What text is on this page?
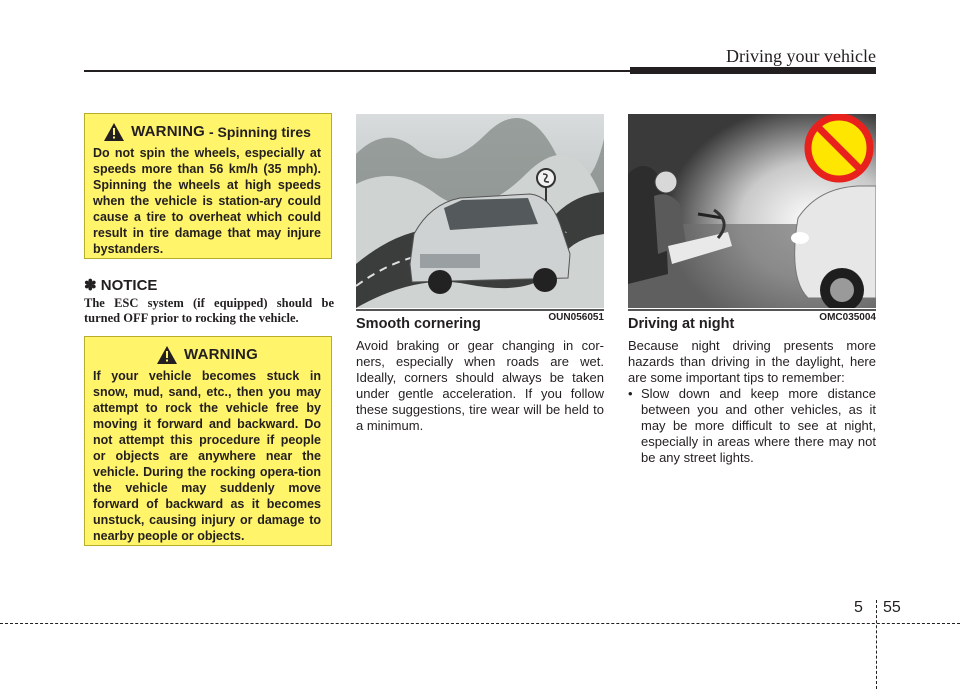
Driving your vehicle
WARNING - Spinning tires

Do not spin the wheels, especially at speeds more than 56 km/h (35 mph). Spinning the wheels at high speeds when the vehicle is station-ary could cause a tire to overheat which could result in tire damage that may injure bystanders.

✽ NOTICE
The ESC system (if equipped) should be turned OFF prior to rocking the vehicle.
WARNING

If your vehicle becomes stuck in snow, mud, sand, etc., then you may attempt to rock the vehicle free by moving it forward and backward. Do not attempt this procedure if people or objects are anywhere near the vehicle. During the rocking opera-tion the vehicle may suddenly move forward of backward as it becomes unstuck, causing injury or damage to nearby people or objects.

OUN056051
Smooth cornering
Avoid braking or gear changing in cor-ners, especially when roads are wet. Ideally, corners should always be taken under gentle acceleration. If you follow these suggestions, tire wear will be held to a minimum.
OMC035004
Driving at night

Because night driving presents more hazards than driving in the daylight, here are some important tips to remember:

• Slow down and keep more distance between you and other vehicles, as it may be more difficult to see at night, especially in areas where there may not be any street lights.
5 55
